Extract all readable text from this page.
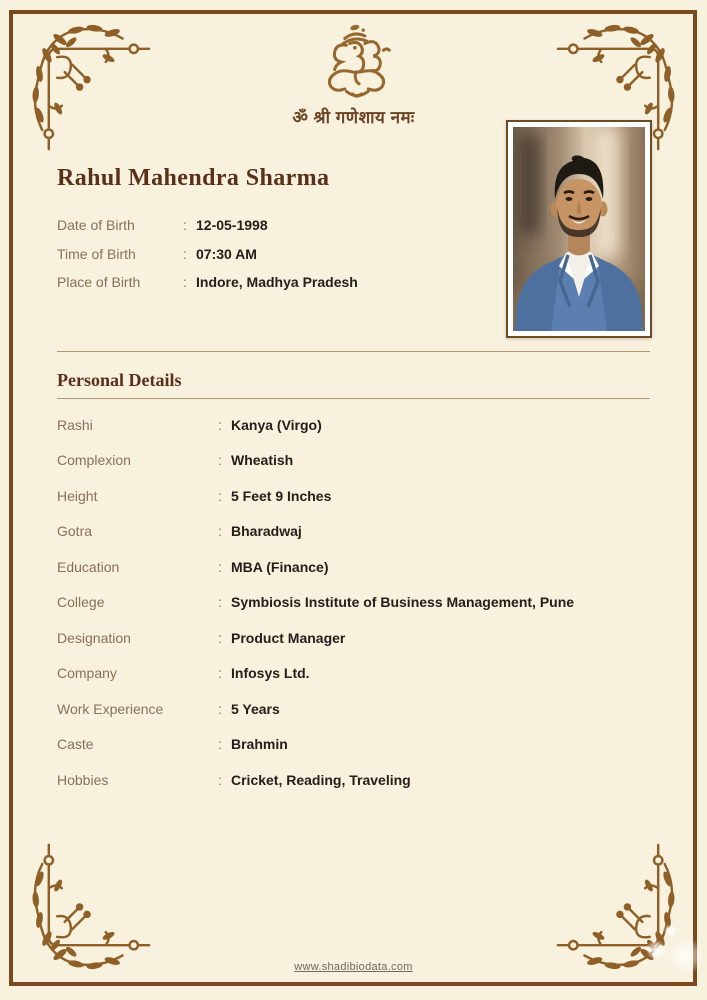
ॐ श्री गणेशाय नमः
Rahul Mahendra Sharma
Date of Birth	: 12-05-1998
Time of Birth	: 07:30 AM
Place of Birth	: Indore, Madhya Pradesh
Personal Details
Rashi	: Kanya (Virgo)
Complexion	: Wheatish
Height	: 5 Feet 9 Inches
Gotra	: Bharadwaj
Education	: MBA (Finance)
College	: Symbiosis Institute of Business Management, Pune
Designation	: Product Manager
Company	: Infosys Ltd.
Work Experience	: 5 Years
Caste	: Brahmin
Hobbies	: Cricket, Reading, Traveling
www.shadibiodata.com
